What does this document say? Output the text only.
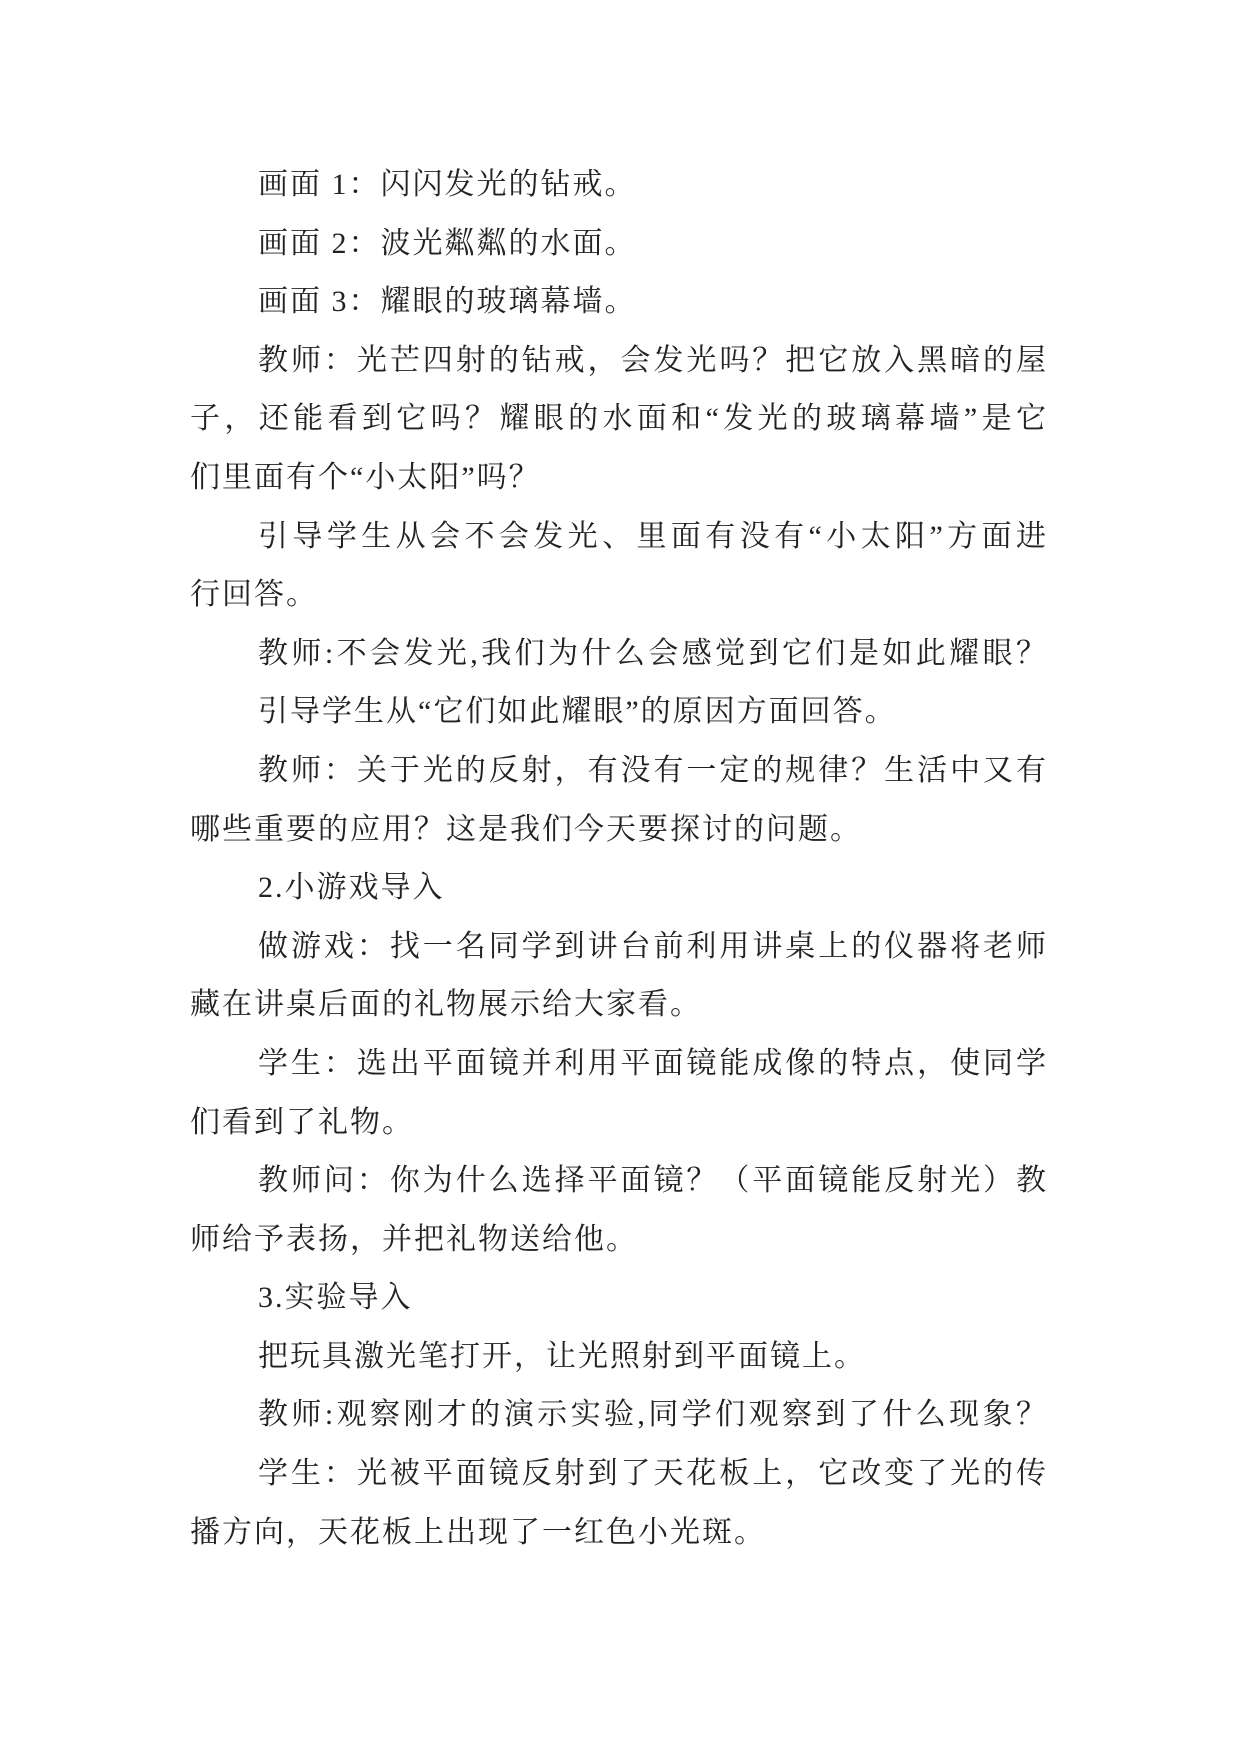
画面 1：闪闪发光的钻戒。
画面 2：波光粼粼的水面。
画面 3：耀眼的玻璃幕墙。
教师：光芒四射的钻戒，会发光吗？把它放入黑暗的屋
子，还能看到它吗？耀眼的水面和“发光的玻璃幕墙”是它
们里面有个“小太阳”吗？
引导学生从会不会发光、里面有没有“小太阳”方面进
行回答。
教师:不会发光,我们为什么会感觉到它们是如此耀眼？
引导学生从“它们如此耀眼”的原因方面回答。
教师：关于光的反射，有没有一定的规律？生活中又有
哪些重要的应用？这是我们今天要探讨的问题。
2.小游戏导入
做游戏：找一名同学到讲台前利用讲桌上的仪器将老师
藏在讲桌后面的礼物展示给大家看。
学生：选出平面镜并利用平面镜能成像的特点，使同学
们看到了礼物。
教师问：你为什么选择平面镜？（平面镜能反射光）教
师给予表扬，并把礼物送给他。
3.实验导入
把玩具激光笔打开，让光照射到平面镜上。
教师:观察刚才的演示实验,同学们观察到了什么现象？
学生：光被平面镜反射到了天花板上，它改变了光的传
播方向，天花板上出现了一红色小光斑。
